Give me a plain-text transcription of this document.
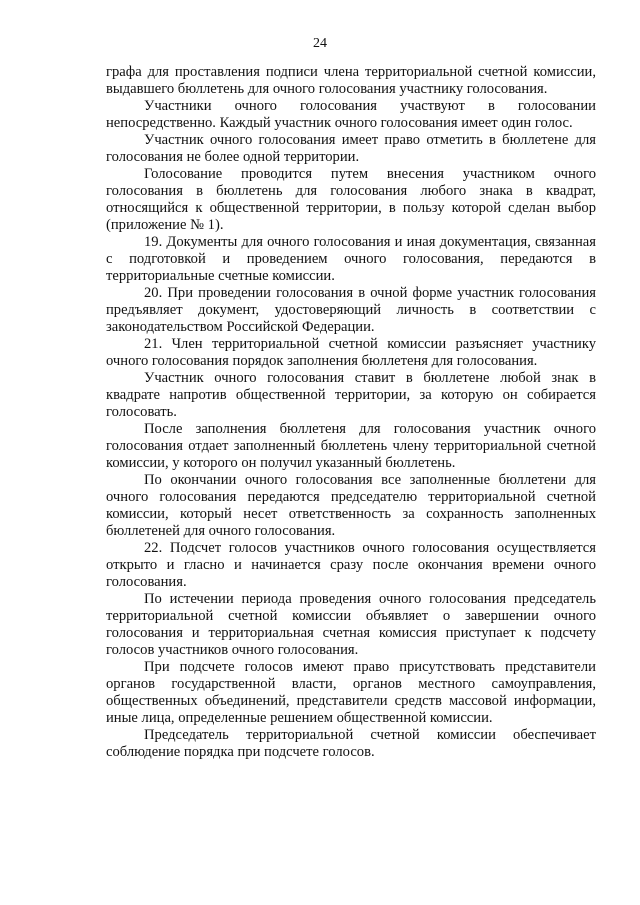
24

графа для проставления подписи члена территориальной счетной комиссии, выдавшего бюллетень для очного голосования участнику голосования.

Участники очного голосования участвуют в голосовании непосредственно. Каждый участник очного голосования имеет один голос.

Участник очного голосования имеет право отметить в бюллетене для голосования не более одной территории.

Голосование проводится путем внесения участником очного голосования в бюллетень для голосования любого знака в квадрат, относящийся к общественной территории, в пользу которой сделан выбор (приложение № 1).

19. Документы для очного голосования и иная документация, связанная с подготовкой и проведением очного голосования, передаются в территориальные счетные комиссии.

20. При проведении голосования в очной форме участник голосования предъявляет документ, удостоверяющий личность в соответствии с законодательством Российской Федерации.

21. Член территориальной счетной комиссии разъясняет участнику очного голосования порядок заполнения бюллетеня для голосования.

Участник очного голосования ставит в бюллетене любой знак в квадрате напротив общественной территории, за которую он собирается голосовать.

После заполнения бюллетеня для голосования участник очного голосования отдает заполненный бюллетень члену территориальной счетной комиссии, у которого он получил указанный бюллетень.

По окончании очного голосования все заполненные бюллетени для очного голосования передаются председателю территориальной счетной комиссии, который несет ответственность за сохранность заполненных бюллетеней для очного голосования.

22. Подсчет голосов участников очного голосования осуществляется открыто и гласно и начинается сразу после окончания времени очного голосования.

По истечении периода проведения очного голосования председатель территориальной счетной комиссии объявляет о завершении очного голосования и территориальная счетная комиссия приступает к подсчету голосов участников очного голосования.

При подсчете голосов имеют право присутствовать представители органов государственной власти, органов местного самоуправления, общественных объединений, представители средств массовой информации, иные лица, определенные решением общественной комиссии.

Председатель территориальной счетной комиссии обеспечивает соблюдение порядка при подсчете голосов.
